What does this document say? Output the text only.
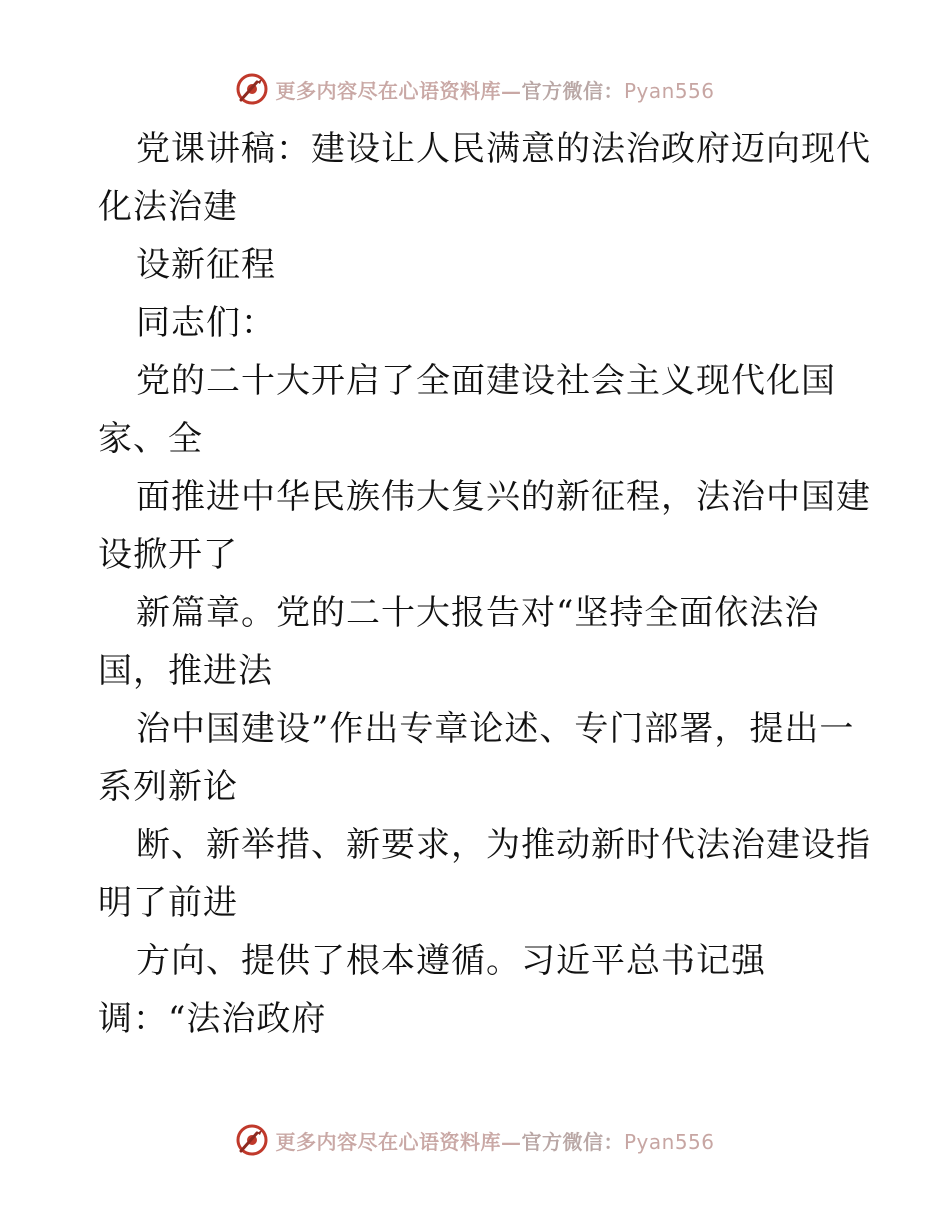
更多内容尽在心语资料库—官方微信：Pyan556
党课讲稿：建设让人民满意的法治政府迈向现代
化法治建
设新征程
同志们：
党的二十大开启了全面建设社会主义现代化国
家、全
面推进中华民族伟大复兴的新征程，法治中国建
设掀开了
新篇章。党的二十大报告对“坚持全面依法治
国，推进法
治中国建设”作出专章论述、专门部署，提出一
系列新论
断、新举措、新要求，为推动新时代法治建设指
明了前进
方向、提供了根本遵循。习近平总书记强
调：“法治政府
更多内容尽在心语资料库—官方微信：Pyan556
